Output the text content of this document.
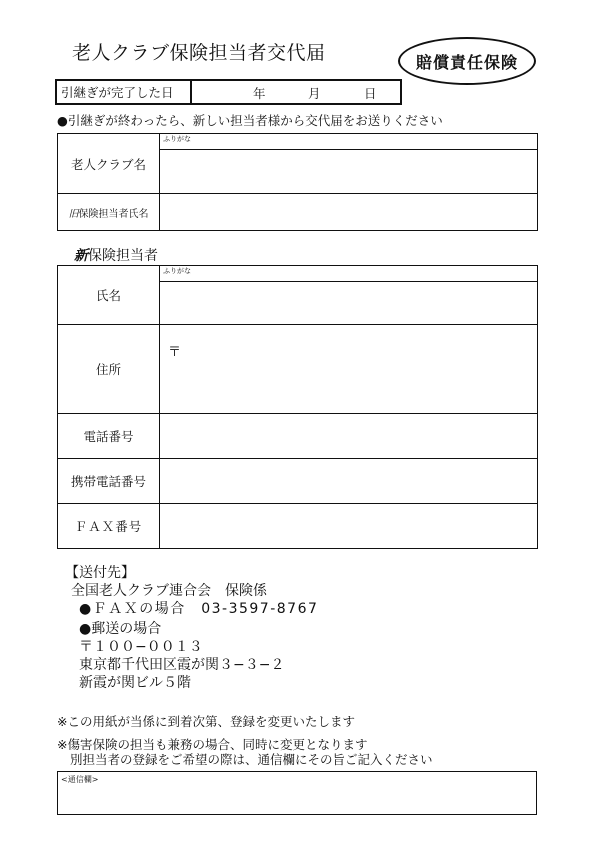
老人クラブ保険担当者交代届	賠償責任保険
引継ぎが完了した日	年	月	日
●引継ぎが終わったら、新しい担当者様から交代届をお送りください
老人クラブ名	ふりがな

旧保険担当者氏名	
新保険担当者
氏名	ふりがな

住所	〒

電話番号	
携帯電話番号	
ＦＡＸ番号	
【送付先】
全国老人クラブ連合会　保険係
●ＦＡＸの場合　03-3597-8767
●郵送の場合
〒１００−００１３
東京都千代田区霞が関３−３−２
新霞が関ビル５階
※この用紙が当係に到着次第、登録を変更いたします
※傷害保険の担当も兼務の場合、同時に変更となります
別担当者の登録をご希望の際は、通信欄にその旨ご記入ください
<通信欄>
